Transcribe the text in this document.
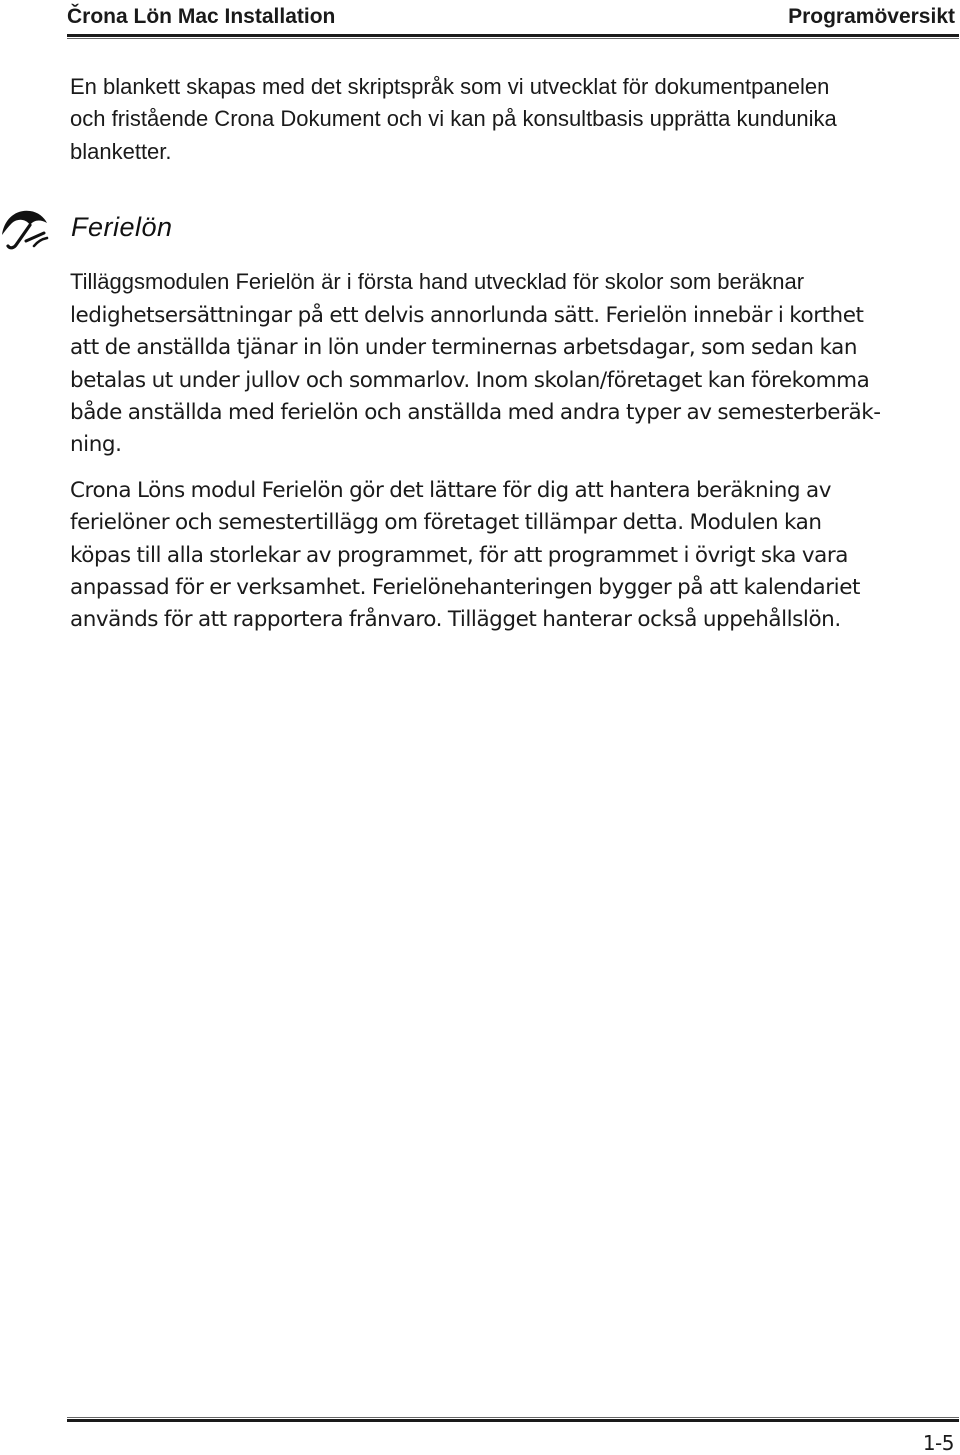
Črona Lön Mac Installation	Programöversikt

En blankett skapas med det skriptspråk som vi utvecklat för dokumentpanelen
och fristående Crona Dokument och vi kan på konsultbasis upprätta kundunika
blanketter.

Ferielön

Tilläggsmodulen Ferielön är i första hand utvecklad för skolor som beräknar

ledighetsersättningar på ett delvis annorlunda sätt. Ferielön innebär i korthet
att de anställda tjänar in lön under terminernas arbetsdagar, som sedan kan
betalas ut under jullov och sommarlov. Inom skolan/företaget kan förekomma
både anställda med ferielön och anställda med andra typer av semesterberäk-
ning.

Crona Löns modul Ferielön gör det lättare för dig att hantera beräkning av
ferielöner och semestertillägg om företaget tillämpar detta. Modulen kan
köpas till alla storlekar av programmet, för att programmet i övrigt ska vara
anpassad för er verksamhet. Ferielönehanteringen bygger på att kalendariet
används för att rapportera frånvaro. Tillägget hanterar också uppehållslön.

1-5
